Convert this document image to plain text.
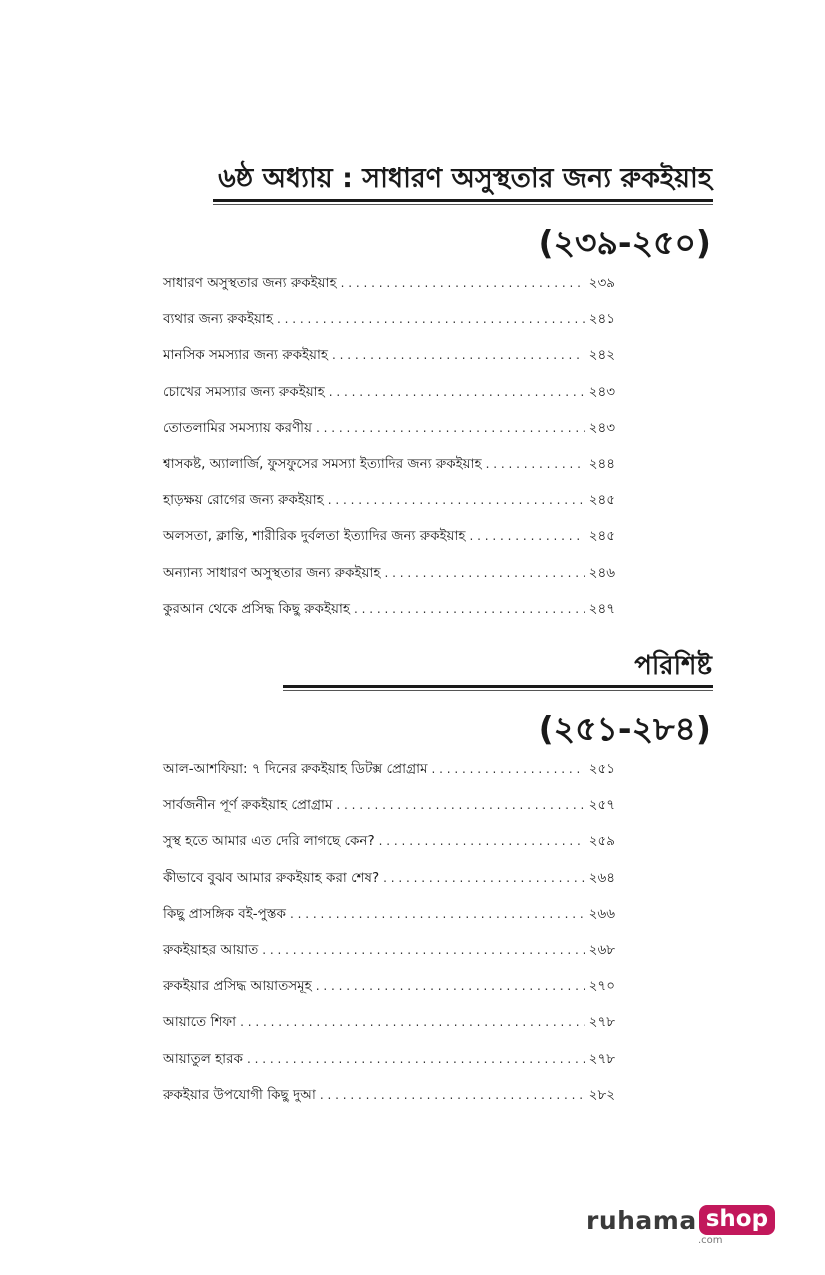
৬ষ্ঠ অধ্যায় : সাধারণ অসুস্থতার জন্য রুকইয়াহ
(২৩৯-২৫০)
সাধারণ অসুস্থতার জন্য রুকইয়াহ . . .	২৩৯
ব্যথার জন্য রুকইয়াহ . . .	২৪১
মানসিক সমস্যার জন্য রুকইয়াহ . . .	২৪২
চোখের সমস্যার জন্য রুকইয়াহ . . .	২৪৩
তোতলামির সমস্যায় করণীয় . . .	২৪৩
শ্বাসকষ্ট, অ্যালার্জি, ফুসফুসের সমস্যা ইত্যাদির জন্য রুকইয়াহ . . .	২৪৪
হাড়ক্ষয় রোগের জন্য রুকইয়াহ . . .	২৪৫
অলসতা, ক্লান্তি, শারীরিক দুর্বলতা ইত্যাদির জন্য রুকইয়াহ . . .	২৪৫
অন্যান্য সাধারণ অসুস্থতার জন্য রুকইয়াহ . . .	২৪৬
কুরআন থেকে প্রসিদ্ধ কিছু রুকইয়াহ . . .	২৪৭
পরিশিষ্ট
(২৫১-২৮৪)
আল-আশফিয়া: ৭ দিনের রুকইয়াহ ডিটক্স প্রোগ্রাম . . .	২৫১
সার্বজনীন পূর্ণ রুকইয়াহ প্রোগ্রাম . . .	২৫৭
সুস্থ হতে আমার এত দেরি লাগছে কেন? . . .	২৫৯
কীভাবে বুঝব আমার রুকইয়াহ করা শেষ? . . .	২৬৪
কিছু প্রাসঙ্গিক বই-পুস্তক . . .	২৬৬
রুকইয়াহর আয়াত . . .	২৬৮
রুকইয়ার প্রসিদ্ধ আয়াতসমূহ . . .	২৭০
আয়াতে শিফা . . .	২৭৮
আয়াতুল হারক . . .	২৭৮
রুকইয়ার উপযোগী কিছু দুআ . . .	২৮২
ruhama shop
.com
